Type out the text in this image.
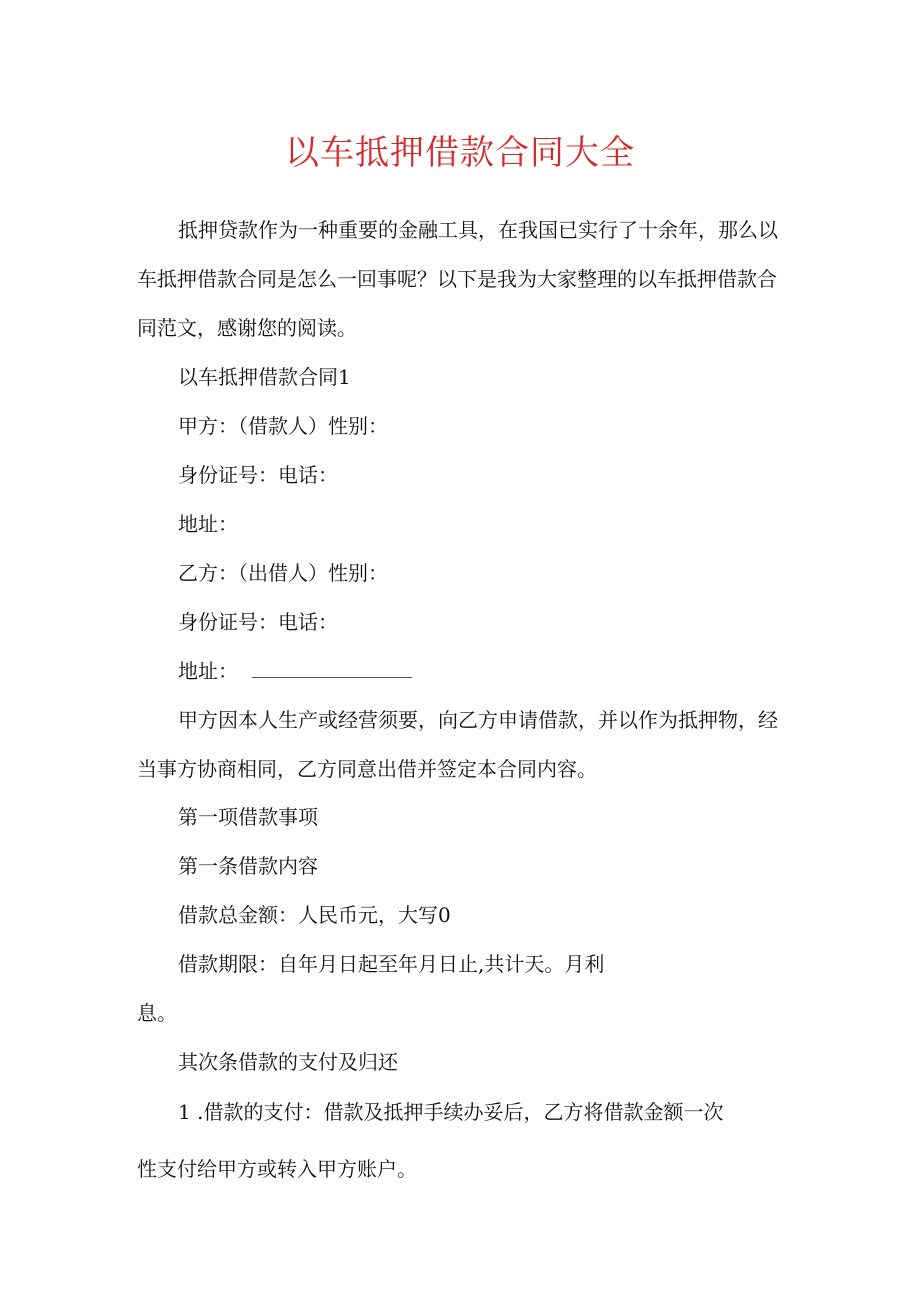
以车抵押借款合同大全
抵押贷款作为一种重要的金融工具，在我国已实行了十余年，那么以
车抵押借款合同是怎么一回事呢？以下是我为大家整理的以车抵押借款合
同范文，感谢您的阅读。
以车抵押借款合同1
甲方：（借款人）性别：
身份证号：电话：
地址：
乙方：（出借人）性别：
身份证号：电话：
地址：
甲方因本人生产或经营须要，向乙方申请借款，并以作为抵押物，经
当事方协商相同，乙方同意出借并签定本合同内容。
第一项借款事项
第一条借款内容
借款总金额：人民币元，大写0
借款期限：自年月日起至年月日止,共计天。月利
息。
其次条借款的支付及归还
1 .借款的支付：借款及抵押手续办妥后，乙方将借款金额一次
性支付给甲方或转入甲方账户。
